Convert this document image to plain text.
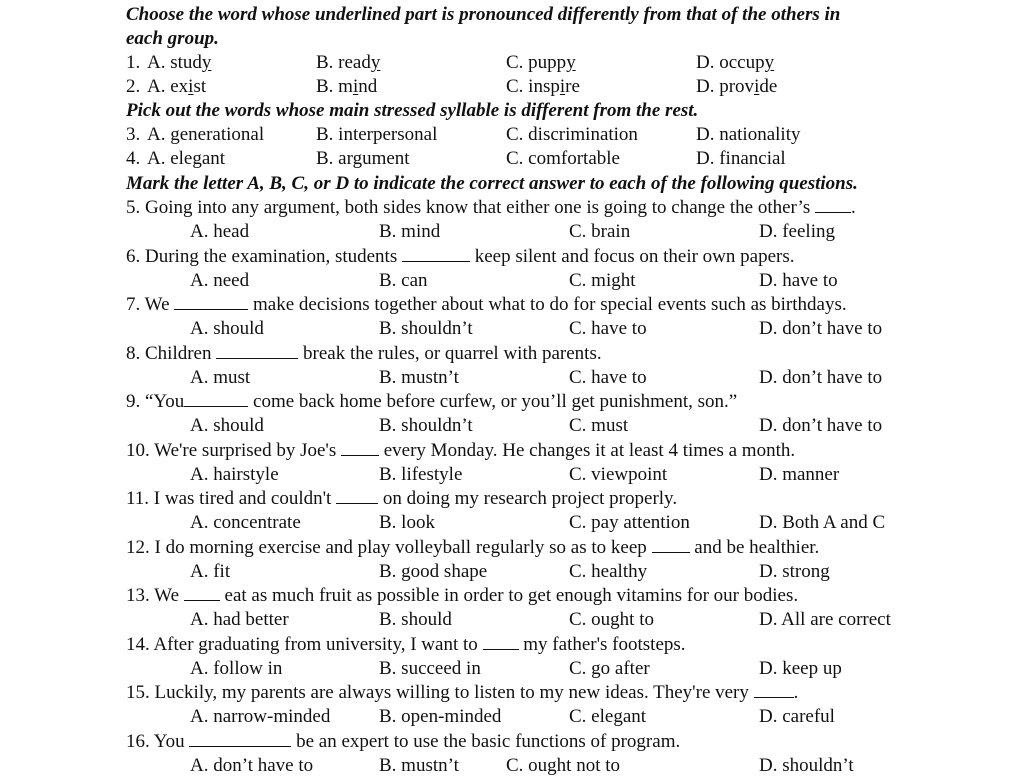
Choose the word whose underlined part is pronounced differently from that of the others in
each group.
1. A. study	B. ready	C. puppy	D. occupy
2. A. exist	B. mind	C. inspire	D. provide
Pick out the words whose main stressed syllable is different from the rest.
3. A. generational	B. interpersonal	C. discrimination	D. nationality
4. A. elegant	B. argument	C. comfortable	D. financial
Mark the letter A, B, C, or D to indicate the correct answer to each of the following questions.
5. Going into any argument, both sides know that either one is going to change the other’s .
A. head	B. mind	C. brain	D. feeling
6. During the examination, students	keep silent and focus on their own papers.
A. need	B. can	C. might	D. have to
7. We	make decisions together about what to do for special events such as birthdays.
A. should	B. shouldn’t	C. have to	D. don’t have to
8. Children	break the rules, or quarrel with parents.
A. must	B. mustn’t	C. have to	D. don’t have to
9. “You	come back home before curfew, or you’ll get punishment, son.”
A. should	B. shouldn’t	C. must	D. don’t have to
10. We're surprised by Joe's	every Monday. He changes it at least 4 times a month.
A. hairstyle	B. lifestyle	C. viewpoint	D. manner
11. I was tired and couldn't	on doing my research project properly.
A. concentrate	B. look	C. pay attention	D. Both A and C
12. I do morning exercise and play volleyball regularly so as to keep	and be healthier.
A. fit	B. good shape	C. healthy	D. strong
13. We eat as much fruit as possible in order to get enough vitamins for our bodies.
A. had better	B. should	C. ought to	D. All are correct
14. After graduating from university, I want to my father's footsteps.
A. follow in	B. succeed in	C. go after	D. keep up
15. Luckily, my parents are always willing to listen to my new ideas. They're very .
A. narrow-minded	B. open-minded	C. elegant	D. careful
16. You	be an expert to use the basic functions of program.
A. don’t have to	B. mustn’t C. ought not to	D. shouldn’t
